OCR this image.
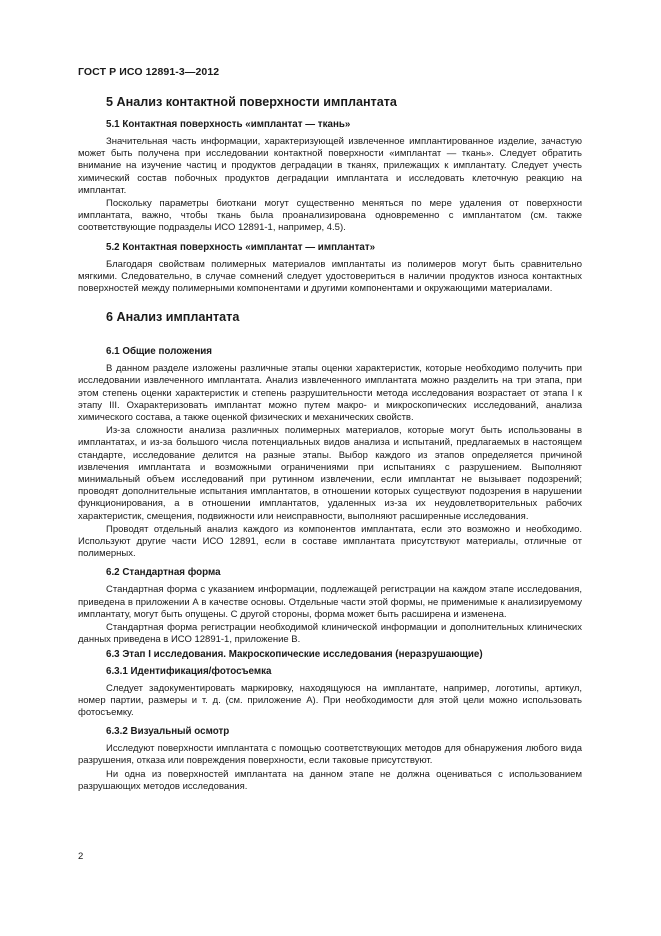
ГОСТ Р ИСО 12891-3—2012
5 Анализ контактной поверхности имплантата
5.1 Контактная поверхность «имплантат — ткань»

Значительная часть информации, характеризующей извлеченное имплантированное изделие, зачастую может быть получена при исследовании контактной поверхности «имплантат — ткань». Следует обратить внимание на изучение частиц и продуктов деградации в тканях, прилежащих к имплантату. Следует учесть химический состав побочных продуктов деградации имплантата и исследовать клеточную реакцию на имплантат.

Поскольку параметры биоткани могут существенно меняться по мере удаления от поверхности имплантата, важно, чтобы ткань была проанализирована одновременно с имплантатом (см. также соответствующие подразделы ИСО 12891-1, например, 4.5).

5.2 Контактная поверхность «имплантат — имплантат»

Благодаря свойствам полимерных материалов имплантаты из полимеров могут быть сравнительно мягкими. Следовательно, в случае сомнений следует удостовериться в наличии продуктов износа контактных поверхностей между полимерными компонентами и другими компонентами и окружающими материалами.

6 Анализ имплантата
6.1 Общие положения

В данном разделе изложены различные этапы оценки характеристик, которые необходимо получить при исследовании извлеченного имплантата. Анализ извлеченного имплантата можно разделить на три этапа, при этом степень оценки характеристик и степень разрушительности метода исследования возрастает от этапа I к этапу III. Охарактеризовать имплантат можно путем макро- и микроскопических исследований, анализа химического состава, а также оценкой физических и механических свойств.

Из-за сложности анализа различных полимерных материалов, которые могут быть использованы в имплантатах, и из-за большого числа потенциальных видов анализа и испытаний, предлагаемых в настоящем стандарте, исследование делится на разные этапы. Выбор каждого из этапов определяется причиной извлечения имплантата и возможными ограничениями при испытаниях с разрушением. Выполняют минимальный объем исследований при рутинном извлечении, если имплантат не вызывает подозрений; проводят дополнительные испытания имплантатов, в отношении которых существуют подозрения в нарушении функционирования, а в отношении имплантатов, удаленных из-за их неудовлетворительных рабочих характеристик, смещения, подвижности или неисправности, выполняют расширенные исследования.

Проводят отдельный анализ каждого из компонентов имплантата, если это возможно и необходимо. Используют другие части ИСО 12891, если в составе имплантата присутствуют материалы, отличные от полимерных.

6.2 Стандартная форма

Стандартная форма с указанием информации, подлежащей регистрации на каждом этапе исследования, приведена в приложении А в качестве основы. Отдельные части этой формы, не применимые к анализируемому имплантату, могут быть опущены. С другой стороны, форма может быть расширена и изменена.

Стандартная форма регистрации необходимой клинической информации и дополнительных клинических данных приведена в ИСО 12891-1, приложение В.

6.3 Этап I исследования. Макроскопические исследования (неразрушающие)
6.3.1 Идентификация/фотосъемка

Следует задокументировать маркировку, находящуюся на имплантате, например, логотипы, артикул, номер партии, размеры и т. д. (см. приложение А). При необходимости для этой цели можно использовать фотосъемку.

6.3.2 Визуальный осмотр

Исследуют поверхности имплантата с помощью соответствующих методов для обнаружения любого вида разрушения, отказа или повреждения поверхности, если таковые присутствуют.

Ни одна из поверхностей имплантата на данном этапе не должна оцениваться с использованием разрушающих методов исследования.

2
